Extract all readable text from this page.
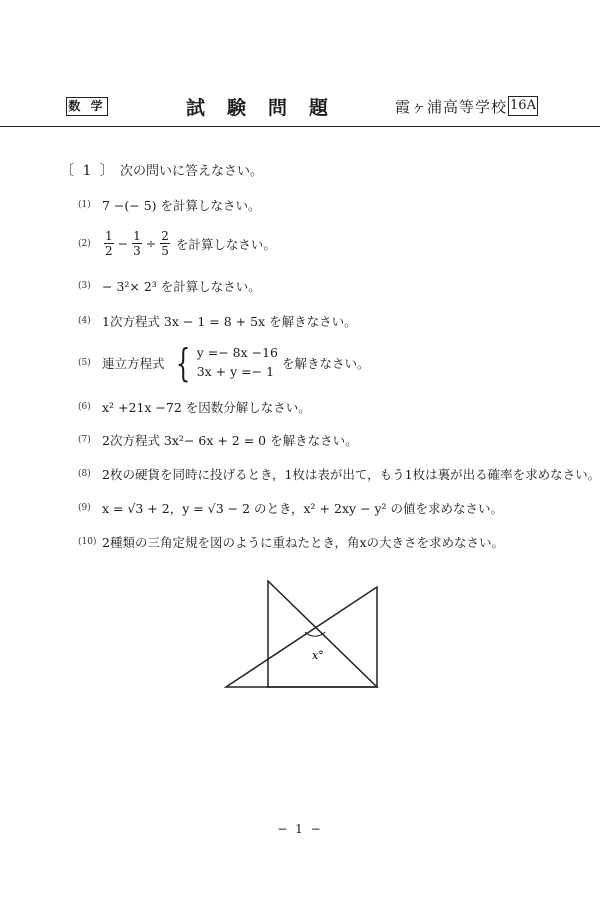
数 学	試験問題	霞ヶ浦高等学校 16A
〔 1 〕 次の問いに答えなさい。
(1) 7 −(− 5) を計算しなさい。
(2)	$\frac{1}{2} - \frac{1}{3} \div \frac{2}{5}$ を計算しなさい。
(3) − 3²× 2³ を計算しなさい。
(4) 1次方程式 3x − 1 = 8 + 5x を解きなさい。
(5) 連立方程式 { y =− 8x −16
3x + y =− 1
を解きなさい。
(6) x² +21x −72 を因数分解しなさい。
(7) 2次方程式 3x²− 6x + 2 = 0 を解きなさい。
(8) 2枚の硬貨を同時に投げるとき，1枚は表が出て，もう1枚は裏が出る確率を求めなさい。
(9) x = √3 + 2，y = √3 − 2 のとき，x² + 2xy − y² の値を求めなさい。
(10) 2種類の三角定規を図のように重ねたとき，角xの大きさを求めなさい。
x°
− 1 −
